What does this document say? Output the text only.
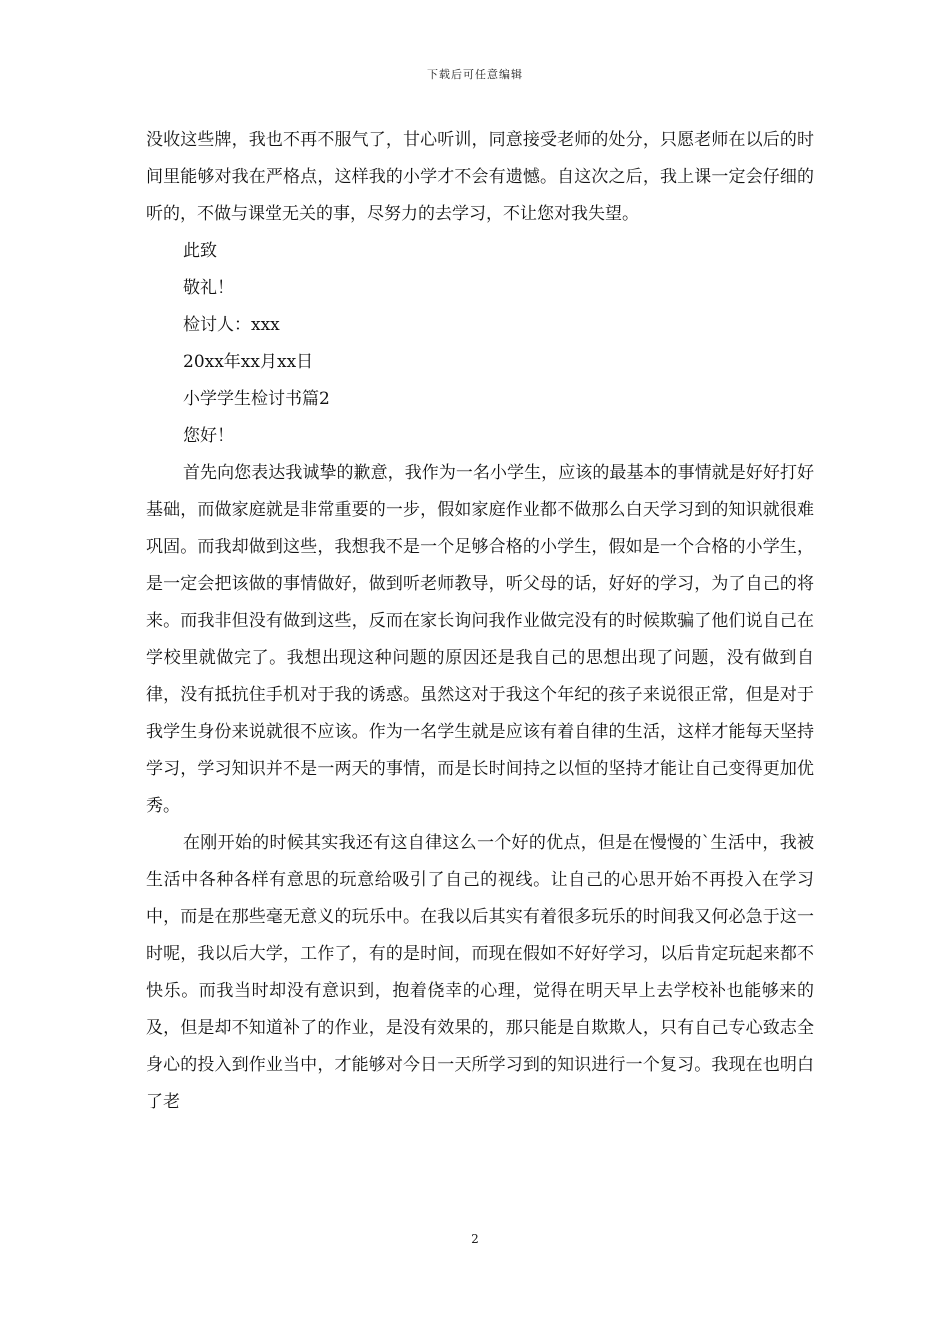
下载后可任意编辑

没收这些牌，我也不再不服气了，甘心听训，同意接受老师的处分，只愿老师在以后的时间里能够对我在严格点，这样我的小学才不会有遗憾。自这次之后，我上课一定会仔细的听的，不做与课堂无关的事，尽努力的去学习，不让您对我失望。

此致

敬礼！

检讨人：xxx

20xx年xx月xx日

小学学生检讨书篇2

您好！

首先向您表达我诚挚的歉意，我作为一名小学生，应该的最基本的事情就是好好打好基础，而做家庭就是非常重要的一步，假如家庭作业都不做那么白天学习到的知识就很难巩固。而我却做到这些，我想我不是一个足够合格的小学生，假如是一个合格的小学生，是一定会把该做的事情做好，做到听老师教导，听父母的话，好好的学习，为了自己的将来。而我非但没有做到这些，反而在家长询问我作业做完没有的时候欺骗了他们说自己在学校里就做完了。我想出现这种问题的原因还是我自己的思想出现了问题，没有做到自律，没有抵抗住手机对于我的诱惑。虽然这对于我这个年纪的孩子来说很正常，但是对于我学生身份来说就很不应该。作为一名学生就是应该有着自律的生活，这样才能每天坚持学习，学习知识并不是一两天的事情，而是长时间持之以恒的坚持才能让自己变得更加优秀。

在刚开始的时候其实我还有这自律这么一个好的优点，但是在慢慢的`生活中，我被生活中各种各样有意思的玩意给吸引了自己的视线。让自己的心思开始不再投入在学习中，而是在那些毫无意义的玩乐中。在我以后其实有着很多玩乐的时间我又何必急于这一时呢，我以后大学，工作了，有的是时间，而现在假如不好好学习，以后肯定玩起来都不快乐。而我当时却没有意识到，抱着侥幸的心理，觉得在明天早上去学校补也能够来的及，但是却不知道补了的作业，是没有效果的，那只能是自欺欺人，只有自己专心致志全身心的投入到作业当中，才能够对今日一天所学习到的知识进行一个复习。我现在也明白了老

2
